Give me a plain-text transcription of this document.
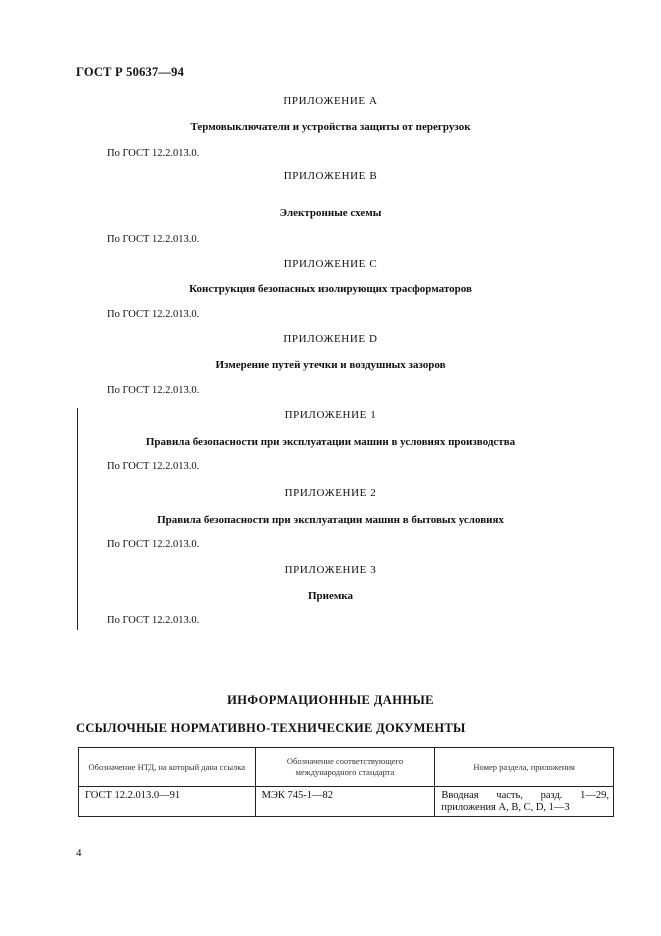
ГОСТ Р 50637—94
ПРИЛОЖЕНИЕ А
Термовыключатели и устройства защиты от перегрузок
По ГОСТ 12.2.013.0.
ПРИЛОЖЕНИЕ В
Электронные схемы
По ГОСТ 12.2.013.0.
ПРИЛОЖЕНИЕ С
Конструкция безопасных изолирующих трасформаторов
По ГОСТ 12.2.013.0.
ПРИЛОЖЕНИЕ D
Измерение путей утечки и воздушных зазоров
По ГОСТ 12.2.013.0.
ПРИЛОЖЕНИЕ 1
Правила безопасности при эксплуатации машин в условиях производства
По ГОСТ 12.2.013.0.
ПРИЛОЖЕНИЕ 2
Правила безопасности при эксплуатации машин в бытовых условиях
По ГОСТ 12.2.013.0.
ПРИЛОЖЕНИЕ 3
Приемка
По ГОСТ 12.2.013.0.
ИНФОРМАЦИОННЫЕ ДАННЫЕ
ССЫЛОЧНЫЕ НОРМАТИВНО-ТЕХНИЧЕСКИЕ ДОКУМЕНТЫ
Обозначение НТД, на который дана ссылка	Обозначение соответствующего международного стандарта	Номер раздела, приложения
ГОСТ 12.2.013.0—91	МЭК 745-1—82	Вводная часть, разд. 1—29, приложения А, В, С, D, 1—3
4
